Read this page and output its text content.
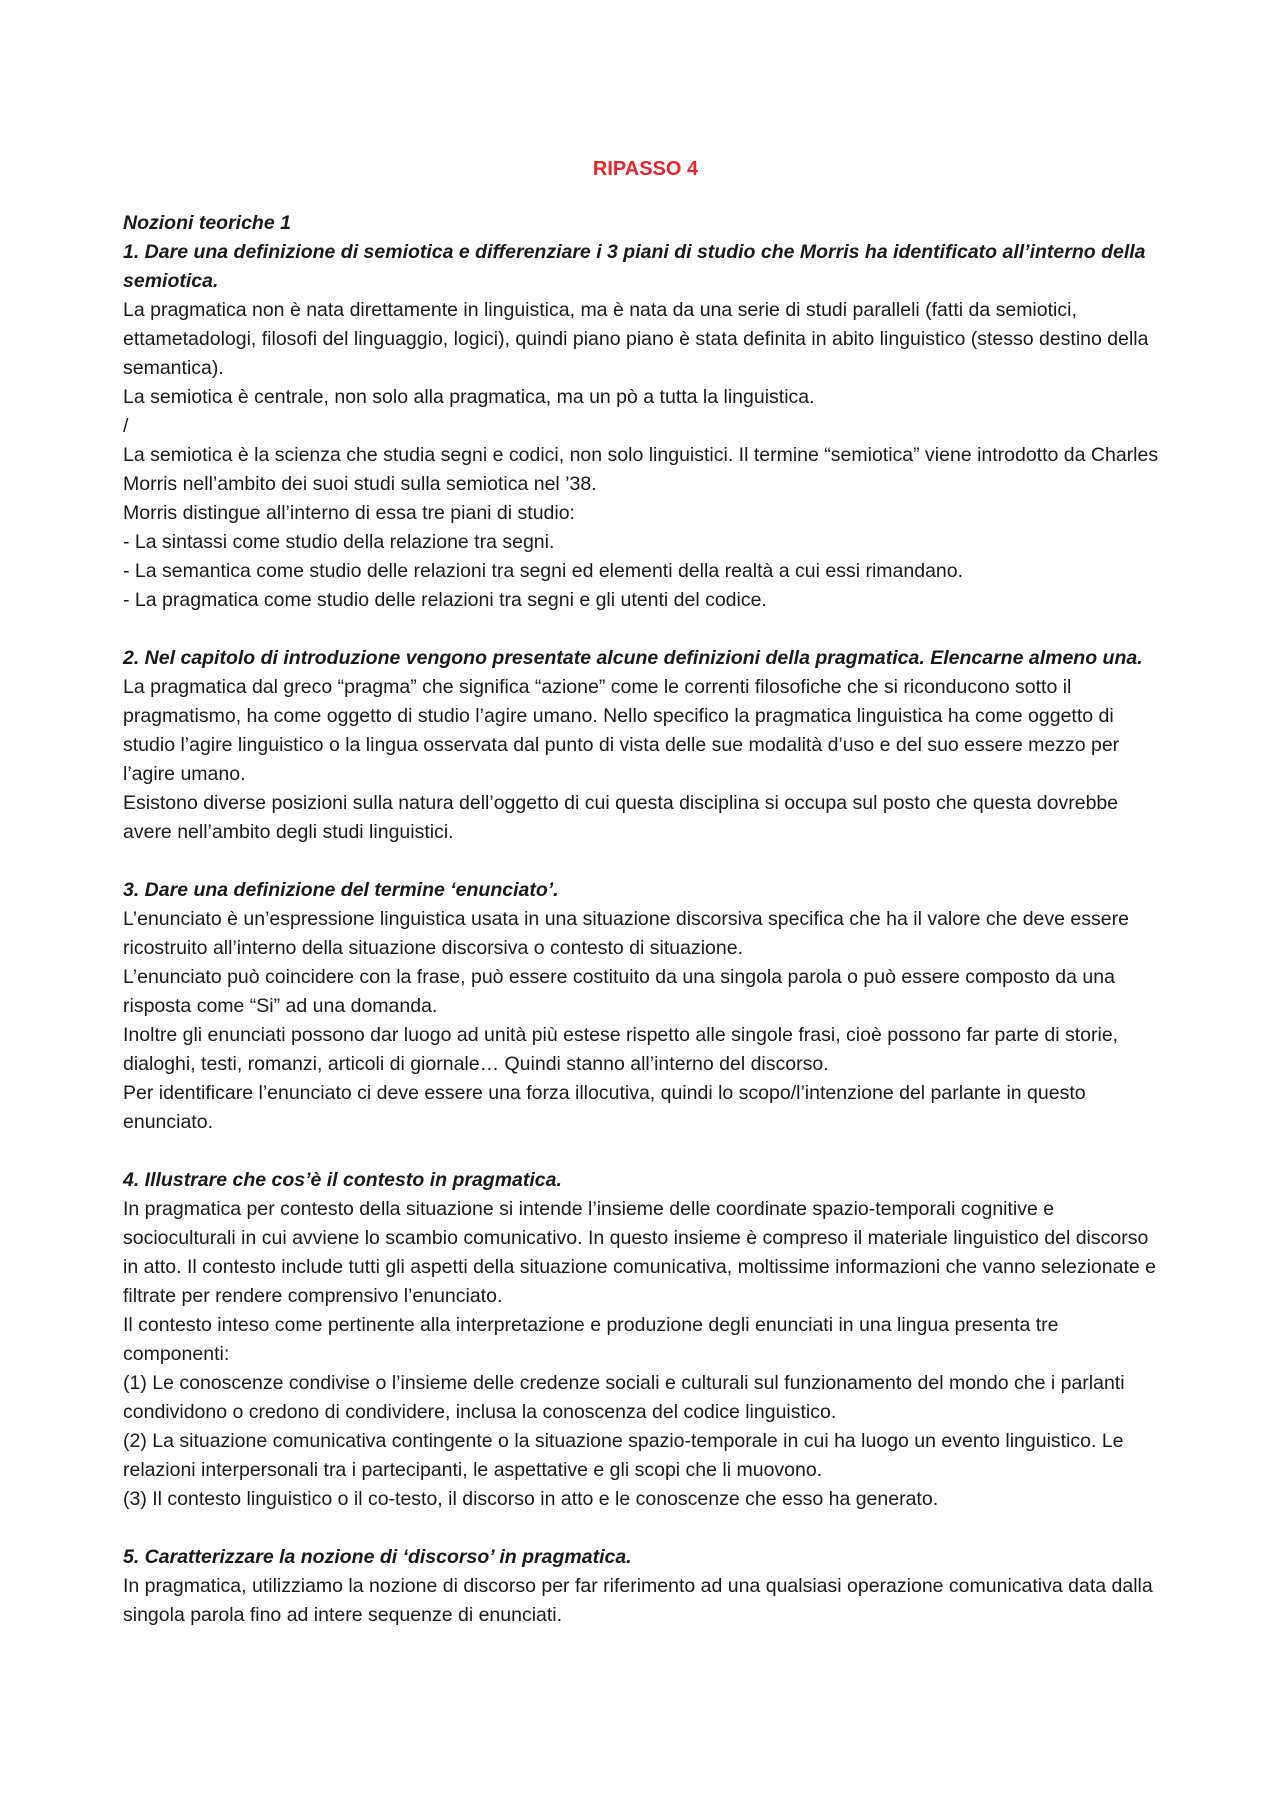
RIPASSO 4

Nozioni teoriche 1

1. Dare una definizione di semiotica e differenziare i 3 piani di studio che Morris ha identificato all’interno della semiotica.

La pragmatica non è nata direttamente in linguistica, ma è nata da una serie di studi paralleli (fatti da semiotici, ettametadologi, filosofi del linguaggio, logici), quindi piano piano è stata definita in abito linguistico (stesso destino della semantica).

La semiotica è centrale, non solo alla pragmatica, ma un pò a tutta la linguistica.

/

La semiotica è la scienza che studia segni e codici, non solo linguistici. Il termine “semiotica” viene introdotto da Charles Morris nell’ambito dei suoi studi sulla semiotica nel ’38.

Morris distingue all’interno di essa tre piani di studio:

- La sintassi come studio della relazione tra segni.

- La semantica come studio delle relazioni tra segni ed elementi della realtà a cui essi rimandano.

- La pragmatica come studio delle relazioni tra segni e gli utenti del codice.

2. Nel capitolo di introduzione vengono presentate alcune definizioni della pragmatica. Elencarne almeno una.

La pragmatica dal greco “pragma” che significa “azione” come le correnti filosofiche che si riconducono sotto il pragmatismo, ha come oggetto di studio l’agire umano. Nello specifico la pragmatica linguistica ha come oggetto di studio l’agire linguistico o la lingua osservata dal punto di vista delle sue modalità d’uso e del suo essere mezzo per l’agire umano.

Esistono diverse posizioni sulla natura dell’oggetto di cui questa disciplina si occupa sul posto che questa dovrebbe avere nell’ambito degli studi linguistici.

3. Dare una definizione del termine ‘enunciato’.

L’enunciato è un’espressione linguistica usata in una situazione discorsiva specifica che ha il valore che deve essere ricostruito all’interno della situazione discorsiva o contesto di situazione.

L’enunciato può coincidere con la frase, può essere costituito da una singola parola o può essere composto da una risposta come “Si” ad una domanda.

Inoltre gli enunciati possono dar luogo ad unità più estese rispetto alle singole frasi, cioè possono far parte di storie, dialoghi, testi, romanzi, articoli di giornale… Quindi stanno all’interno del discorso.

Per identificare l’enunciato ci deve essere una forza illocutiva, quindi lo scopo/l’intenzione del parlante in questo enunciato.

4. Illustrare che cos’è il contesto in pragmatica.

In pragmatica per contesto della situazione si intende l’insieme delle coordinate spazio-temporali cognitive e socioculturali in cui avviene lo scambio comunicativo. In questo insieme è compreso il materiale linguistico del discorso in atto. Il contesto include tutti gli aspetti della situazione comunicativa, moltissime informazioni che vanno selezionate e filtrate per rendere comprensivo l’enunciato.

Il contesto inteso come pertinente alla interpretazione e produzione degli enunciati in una lingua presenta tre componenti:

(1) Le conoscenze condivise o l’insieme delle credenze sociali e culturali sul funzionamento del mondo che i parlanti condividono o credono di condividere, inclusa la conoscenza del codice linguistico.

(2) La situazione comunicativa contingente o la situazione spazio-temporale in cui ha luogo un evento linguistico. Le relazioni interpersonali tra i partecipanti, le aspettative e gli scopi che li muovono.

(3) Il contesto linguistico o il co-testo, il discorso in atto e le conoscenze che esso ha generato.

5. Caratterizzare la nozione di ‘discorso’ in pragmatica.

In pragmatica, utilizziamo la nozione di discorso per far riferimento ad una qualsiasi operazione comunicativa data dalla singola parola fino ad intere sequenze di enunciati.
